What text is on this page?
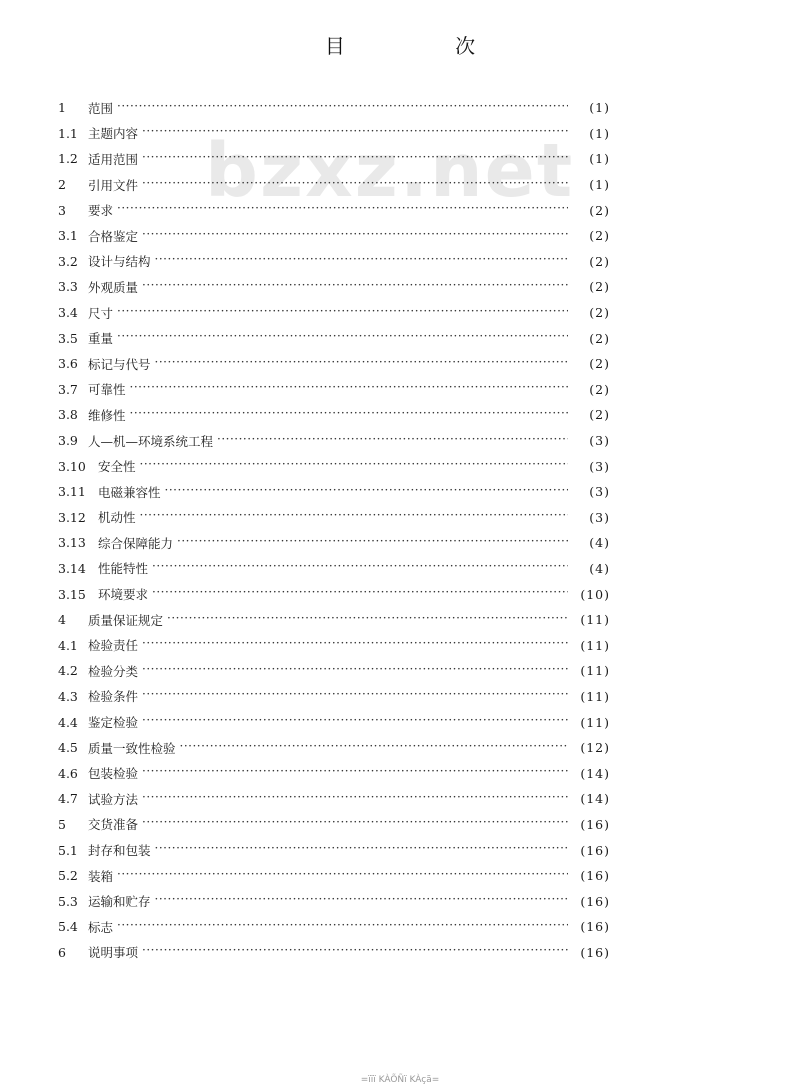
目 次
bzxz.net
1	范围 ·····	(1)
1.1 主题内容 ·····	(1)
1.2 适用范围 ·····	(1)
2	引用文件 ·····	(1)
3	要求 ·····	(2)
3.1 合格鉴定 ·····	(2)
3.2 设计与结构 ·····	(2)
3.3 外观质量 ·····	(2)
3.4 尺寸 ·····	(2)
3.5 重量 ·····	(2)
3.6 标记与代号 ·····	(2)
3.7 可靠性 ·····	(2)
3.8 维修性 ·····	(2)
3.9 人—机—环境系统工程 ·····	(3)
3.10 安全性 ·····	(3)
3.11 电磁兼容性 ·····	(3)
3.12 机动性 ·····	(3)
3.13 综合保障能力 ·····	(4)
3.14 性能特性 ·····	(4)
3.15 环境要求 ·····	(10)
4	质量保证规定 ·····	(11)
4.1 检验责任 ·····	(11)
4.2 检验分类 ·····	(11)
4.3 检验条件 ·····	(11)
4.4 鉴定检验 ·····	(11)
4.5 质量一致性检验 ·····	(12)
4.6 包装检验 ·····	(14)
4.7 试验方法 ·····	(14)
5	交货准备 ·····	(16)
5.1 封存和包装 ·····	(16)
5.2 装箱 ·····	(16)
5.3 运输和贮存 ·····	(16)
5.4 标志 ·····	(16)
6	说明事项 ·····	(16)
=ïïï KÀÕÑï KÀçã=
